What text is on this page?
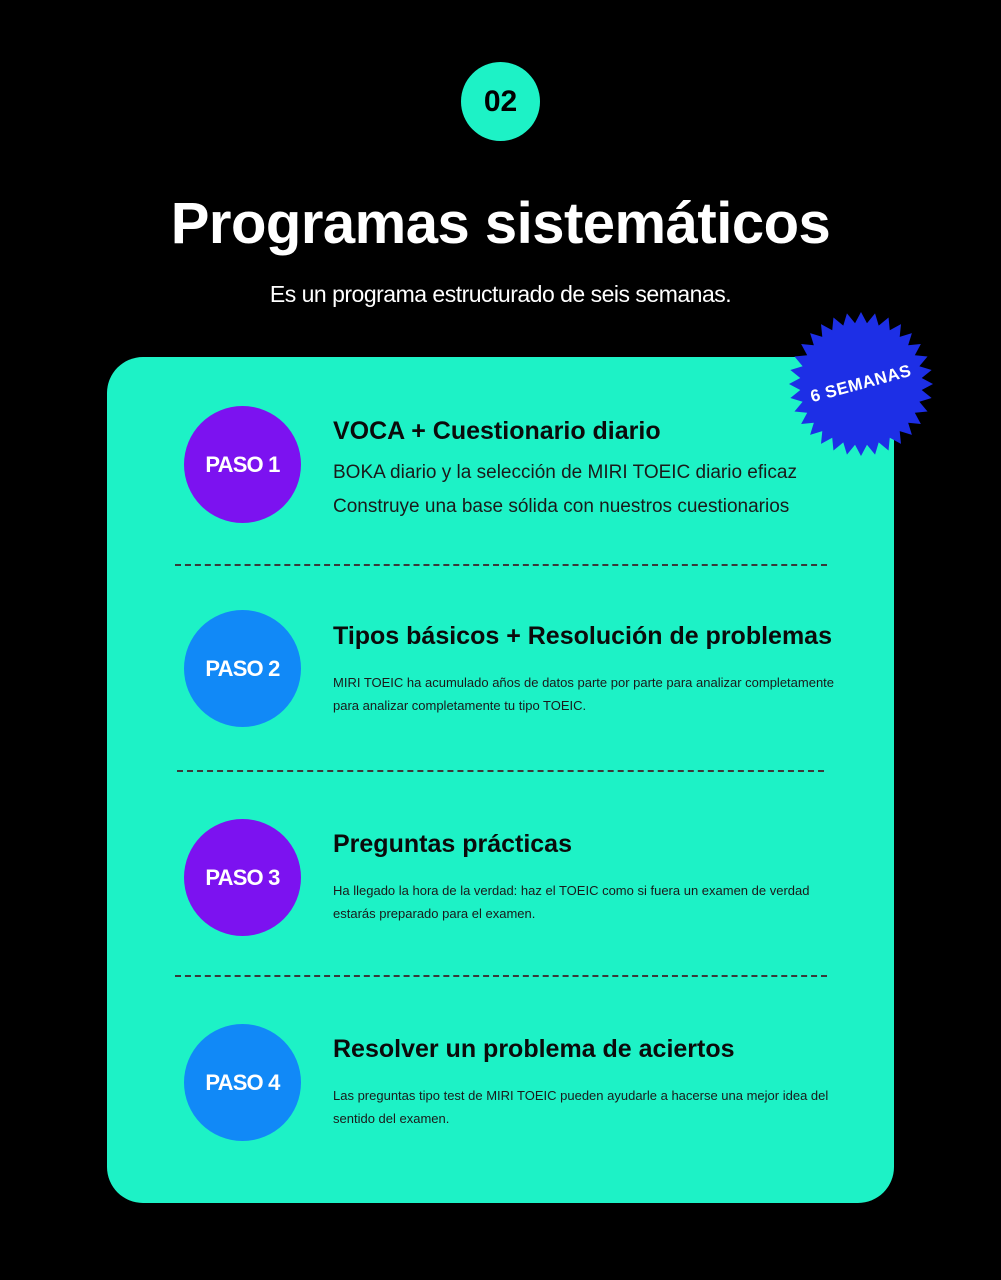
02
Programas sistemáticos
Es un programa estructurado de seis semanas.
6 SEMANAS
PASO 1
VOCA + Cuestionario diario
BOKA diario y la selección de MIRI TOEIC diario eficaz
Construye una base sólida con nuestros cuestionarios
PASO 2
Tipos básicos + Resolución de problemas
MIRI TOEIC ha acumulado años de datos parte por parte para analizar completamente
para analizar completamente tu tipo TOEIC.
PASO 3
Preguntas prácticas
Ha llegado la hora de la verdad: haz el TOEIC como si fuera un examen de verdad
estarás preparado para el examen.
PASO 4
Resolver un problema de aciertos
Las preguntas tipo test de MIRI TOEIC pueden ayudarle a hacerse una mejor idea del
sentido del examen.
